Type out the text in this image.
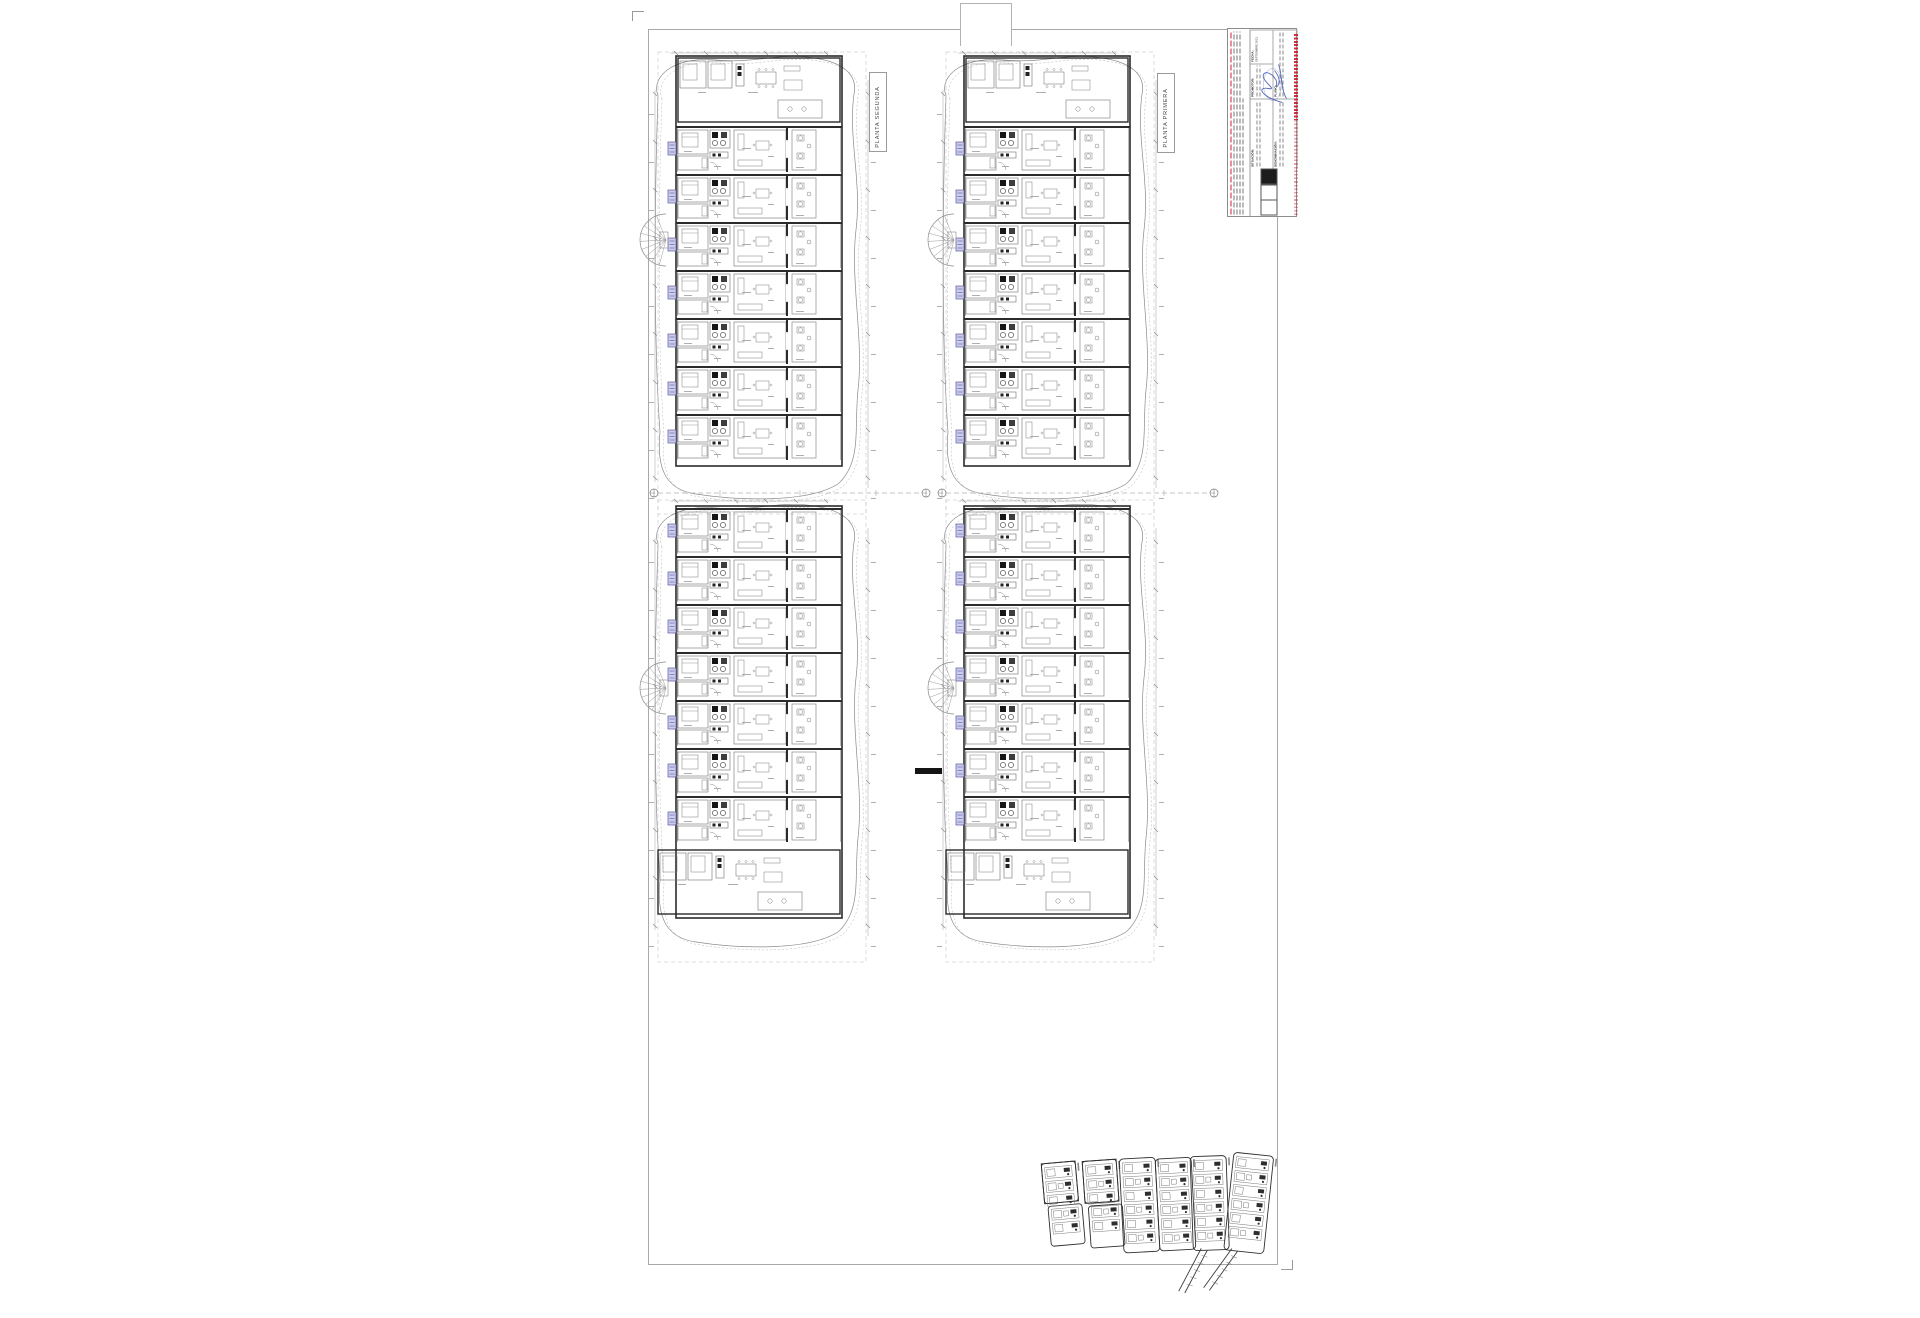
PLANTA SEGUNDA	PLANTA PRIMERA
SITUACIÓN:
PROMOTOR:
FECHA: SEPTIEMBRE 2021
DENOMINACIÓN:
PLANO:
